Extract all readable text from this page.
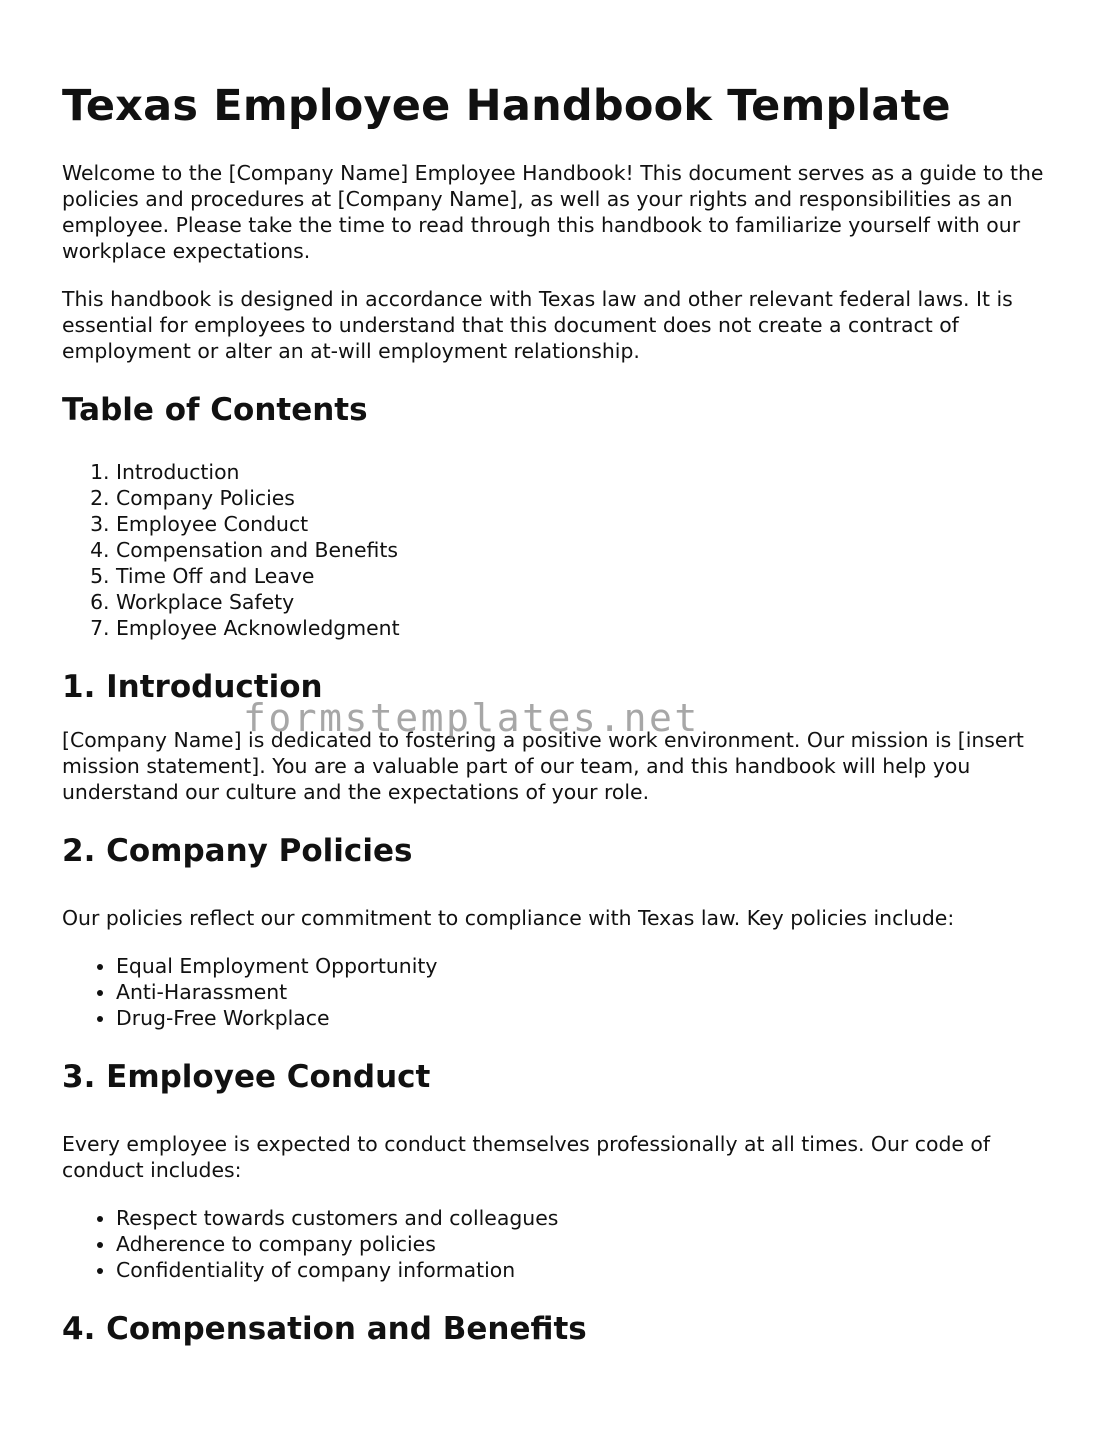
Texas Employee Handbook Template

Welcome to the [Company Name] Employee Handbook! This document serves as a guide to the policies and procedures at [Company Name], as well as your rights and responsibilities as an employee. Please take the time to read through this handbook to familiarize yourself with our workplace expectations.

This handbook is designed in accordance with Texas law and other relevant federal laws. It is essential for employees to understand that this document does not create a contract of employment or alter an at-will employment relationship.

Table of Contents
1. Introduction
2. Company Policies
3. Employee Conduct
4. Compensation and Benefits
5. Time Off and Leave
6. Workplace Safety
7. Employee Acknowledgment
1. Introduction

[Company Name] is dedicated to fostering a positive work environment. Our mission is [insert mission statement]. You are a valuable part of our team, and this handbook will help you understand our culture and the expectations of your role.

2. Company Policies

Our policies reflect our commitment to compliance with Texas law. Key policies include:

• Equal Employment Opportunity
• Anti-Harassment
• Drug-Free Workplace
3. Employee Conduct

Every employee is expected to conduct themselves professionally at all times. Our code of conduct includes:

• Respect towards customers and colleagues
• Adherence to company policies
• Confidentiality of company information
4. Compensation and Benefits
formstemplates.net
